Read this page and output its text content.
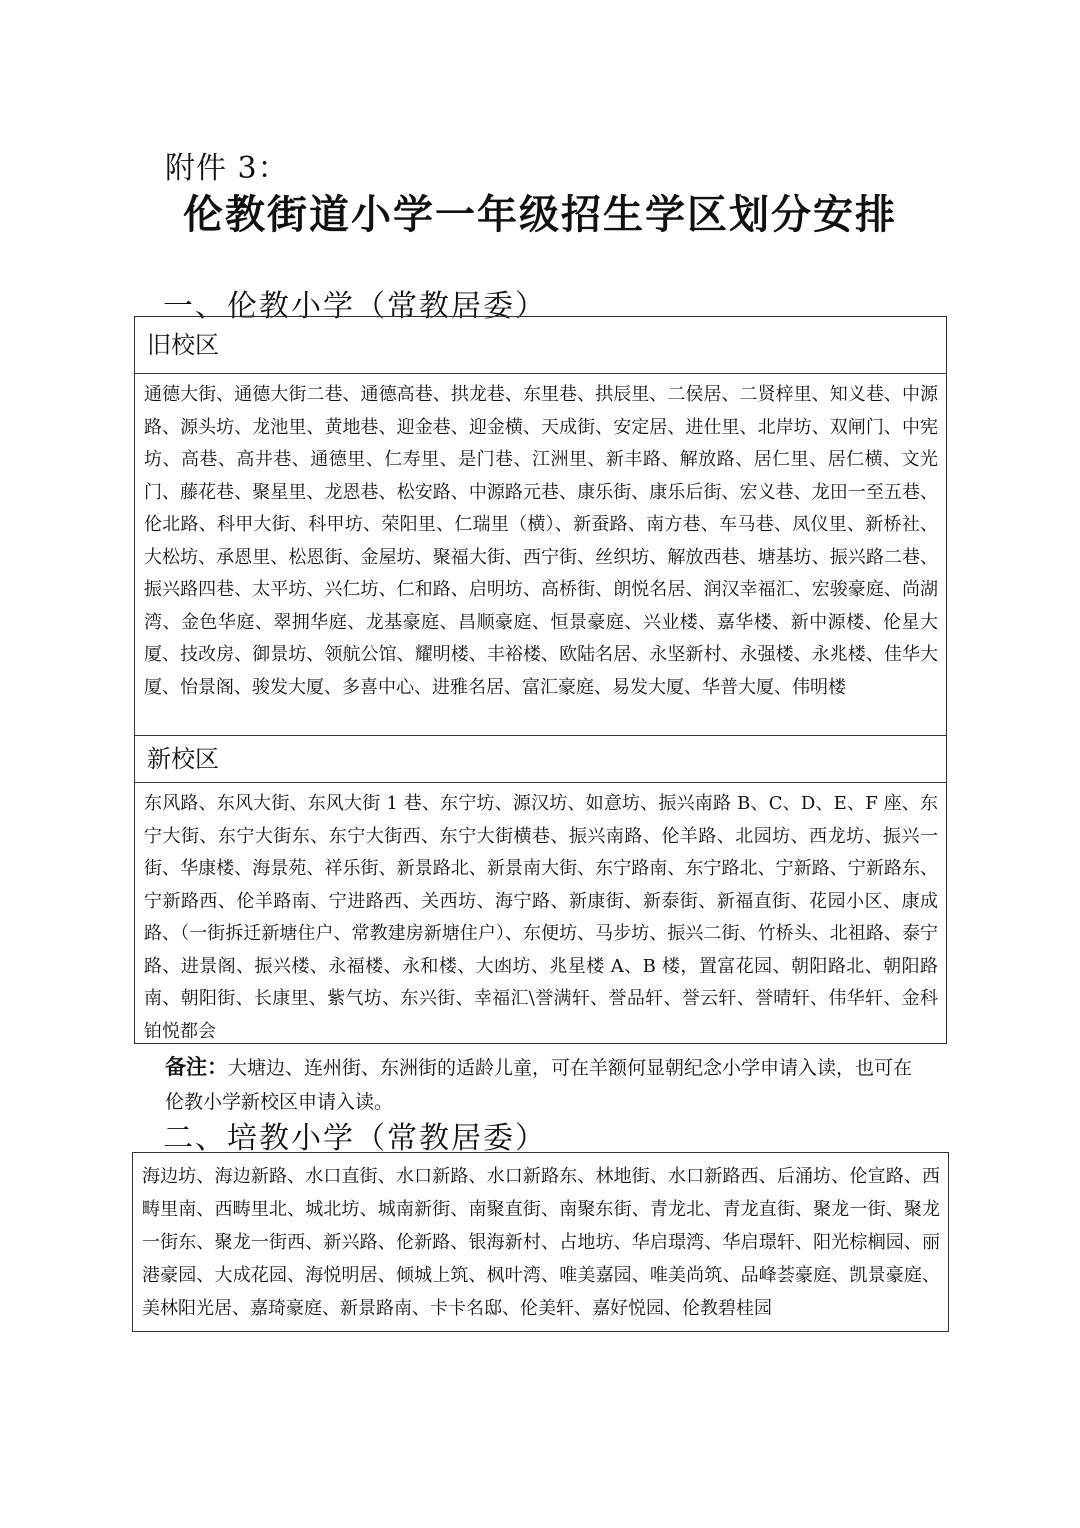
附件 3：
伦教街道小学一年级招生学区划分安排
一、伦教小学（常教居委）
旧校区
通德大街、通德大街二巷、通德高巷、拱龙巷、东里巷、拱辰里、二侯居、二贤梓里、知义巷、中源路、源头坊、龙池里、黄地巷、迎金巷、迎金横、天成街、安定居、进仕里、北岸坊、双闸门、中宪坊、高巷、高井巷、通德里、仁寿里、是门巷、江洲里、新丰路、解放路、居仁里、居仁横、文光门、藤花巷、聚星里、龙恩巷、松安路、中源路元巷、康乐街、康乐后街、宏义巷、龙田一至五巷、伦北路、科甲大街、科甲坊、荣阳里、仁瑞里（横）、新蚕路、南方巷、车马巷、凤仪里、新桥社、大松坊、承恩里、松恩街、金屋坊、聚福大街、西宁街、丝织坊、解放西巷、塘基坊、振兴路二巷、振兴路四巷、太平坊、兴仁坊、仁和路、启明坊、高桥街、朗悦名居、润汉幸福汇、宏骏豪庭、尚湖湾、金色华庭、翠拥华庭、龙基豪庭、昌顺豪庭、恒景豪庭、兴业楼、嘉华楼、新中源楼、伦星大厦、技改房、御景坊、领航公馆、耀明楼、丰裕楼、欧陆名居、永坚新村、永强楼、永兆楼、佳华大厦、怡景阁、骏发大厦、多喜中心、进雅名居、富汇豪庭、易发大厦、华普大厦、伟明楼
新校区
东风路、东风大街、东风大街 1 巷、东宁坊、源汉坊、如意坊、振兴南路 B、C、D、E、F 座、东宁大街、东宁大街东、东宁大街西、东宁大街横巷、振兴南路、伦羊路、北园坊、西龙坊、振兴一街、华康楼、海景苑、祥乐街、新景路北、新景南大街、东宁路南、东宁路北、宁新路、宁新路东、宁新路西、伦羊路南、宁进路西、关西坊、海宁路、新康街、新泰街、新福直街、花园小区、康成路、（一街拆迁新塘住户、常教建房新塘住户）、东便坊、马步坊、振兴二街、竹桥头、北祖路、泰宁路、进景阁、振兴楼、永福楼、永和楼、大凼坊、兆星楼 A、B 楼，置富花园、朝阳路北、朝阳路南、朝阳街、长康里、紫气坊、东兴街、幸福汇\誉满轩、誉品轩、誉云轩、誉晴轩、伟华轩、金科铂悦都会
备注：大塘边、连州街、东洲街的适龄儿童，可在羊额何显朝纪念小学申请入读，也可在伦教小学新校区申请入读。
二、培教小学（常教居委）
海边坊、海边新路、水口直街、水口新路、水口新路东、林地街、水口新路西、后涌坊、伦宣路、西畴里南、西畴里北、城北坊、城南新街、南聚直街、南聚东街、青龙北、青龙直街、聚龙一街、聚龙一街东、聚龙一街西、新兴路、伦新路、银海新村、占地坊、华启璟湾、华启璟轩、阳光棕榈园、丽港豪园、大成花园、海悦明居、倾城上筑、枫叶湾、唯美嘉园、唯美尚筑、品峰荟豪庭、凯景豪庭、美林阳光居、嘉琦豪庭、新景路南、卡卡名邸、伦美轩、嘉好悦园、伦教碧桂园
